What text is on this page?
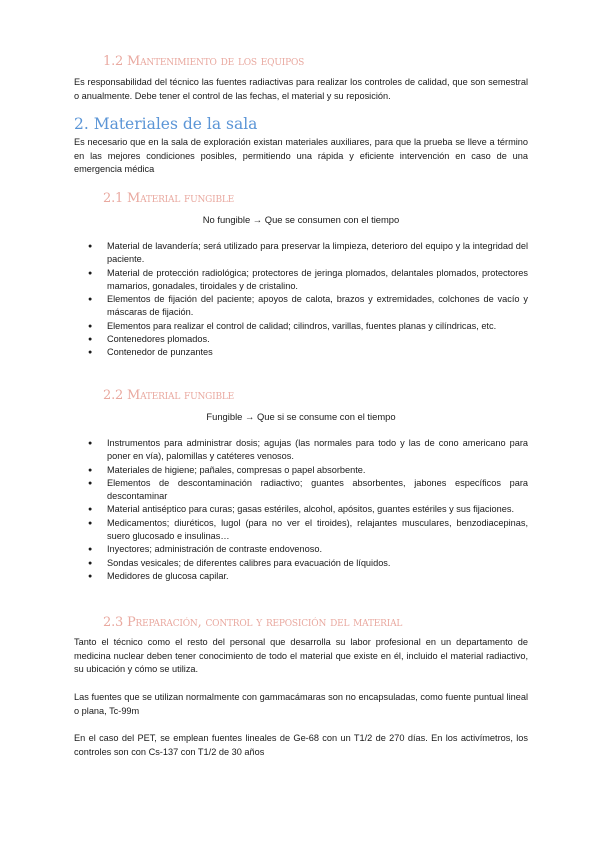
1.2 Mantenimiento de los equipos

Es responsabilidad del técnico las fuentes radiactivas para realizar los controles de calidad, que son semestral o anualmente. Debe tener el control de las fechas, el material y su reposición.

2. Materiales de la sala

Es necesario que en la sala de exploración existan materiales auxiliares, para que la prueba se lleve a término en las mejores condiciones posibles, permitiendo una rápida y eficiente intervención en caso de una emergencia médica

2.1 Material fungible
No fungible → Que se consumen con el tiempo
● Material de lavandería; será utilizado para preservar la limpieza, deterioro del equipo y la integridad del paciente.
● Material de protección radiológica; protectores de jeringa plomados, delantales plomados, protectores mamarios, gonadales, tiroidales y de cristalino.
● Elementos de fijación del paciente; apoyos de calota, brazos y extremidades, colchones de vacío y máscaras de fijación.
● Elementos para realizar el control de calidad; cilindros, varillas, fuentes planas y cilíndricas, etc.
● Contenedores plomados.
● Contenedor de punzantes
2.2 Material fungible
Fungible → Que si se consume con el tiempo
● Instrumentos para administrar dosis; agujas (las normales para todo y las de cono americano para poner en vía), palomillas y catéteres venosos.
● Materiales de higiene; pañales, compresas o papel absorbente.
● Elementos de descontaminación radiactivo; guantes absorbentes, jabones específicos para descontaminar
● Material antiséptico para curas; gasas estériles, alcohol, apósitos, guantes estériles y sus fijaciones.
● Medicamentos; diuréticos, lugol (para no ver el tiroides), relajantes musculares, benzodiacepinas, suero glucosado e insulinas…
● Inyectores; administración de contraste endovenoso.
● Sondas vesicales; de diferentes calibres para evacuación de líquidos.
● Medidores de glucosa capilar.
2.3 Preparación, control y reposición del material

Tanto el técnico como el resto del personal que desarrolla su labor profesional en un departamento de medicina nuclear deben tener conocimiento de todo el material que existe en él, incluido el material radiactivo, su ubicación y cómo se utiliza.

Las fuentes que se utilizan normalmente con gammacámaras son no encapsuladas, como fuente puntual lineal o plana, Tc-99m

En el caso del PET, se emplean fuentes lineales de Ge-68 con un T1/2 de 270 días. En los activímetros, los controles son con Cs-137 con T1/2 de 30 años
